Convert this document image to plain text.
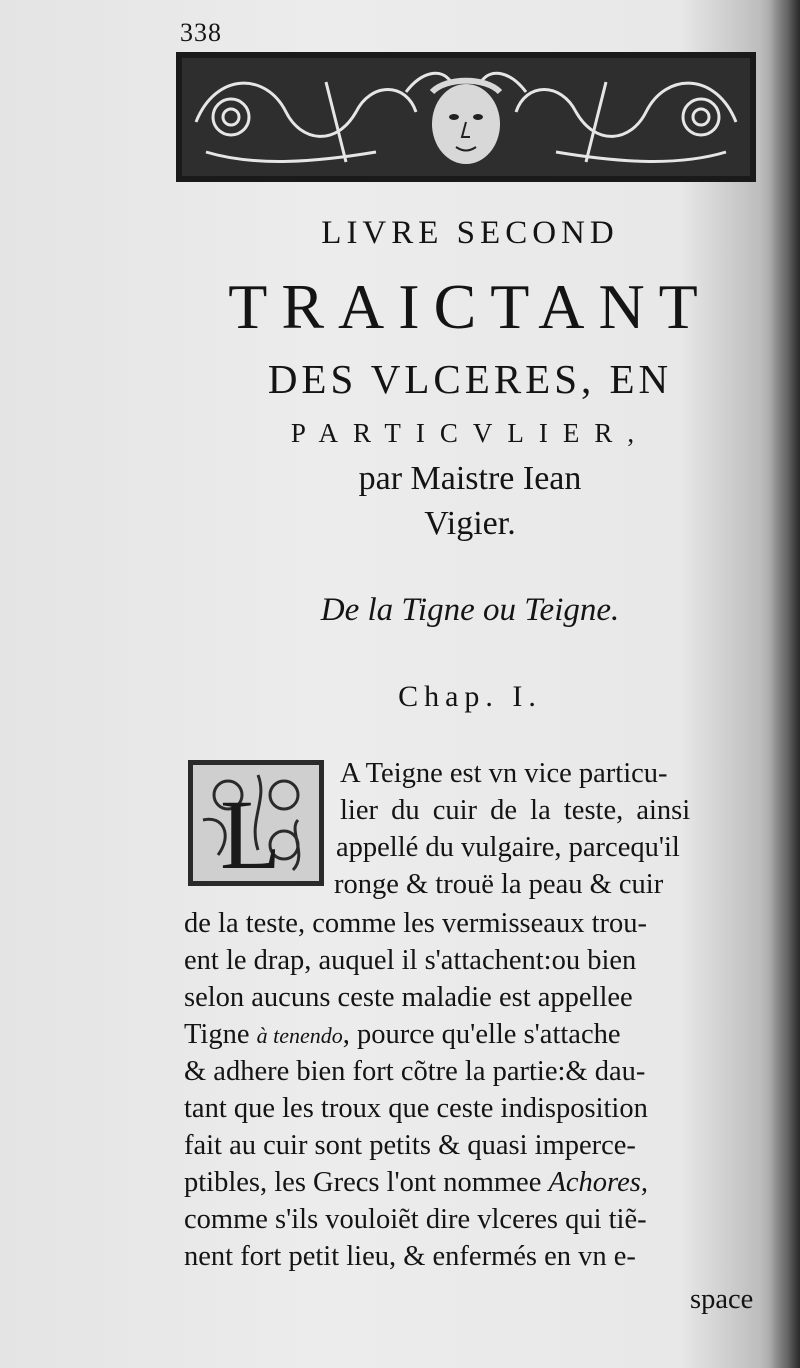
338
LIVRE SECOND
TRAICTANT
DES VLCERES, EN
PARTICVLIER,
par Maistre Iean
Vigier.
De la Tigne ou Teigne.
Chap. I.
L
A Teigne est vn vice particu-
lier du cuir de la teste, ainsi
appellé du vulgaire, parcequ'il
ronge & trouë la peau & cuir
de la teste, comme les vermisseaux trou-
ent le drap, auquel il s'attachent:ou bien
selon aucuns ceste maladie est appellee
Tigne à tenendo, pource qu'elle s'attache
& adhere bien fort cõtre la partie:& dau-
tant que les troux que ceste indisposition
fait au cuir sont petits & quasi imperce-
ptibles, les Grecs l'ont nommee Achores,
comme s'ils vouloiẽt dire vlceres qui tiẽ-
nent fort petit lieu, & enfermés en vn e-
space
